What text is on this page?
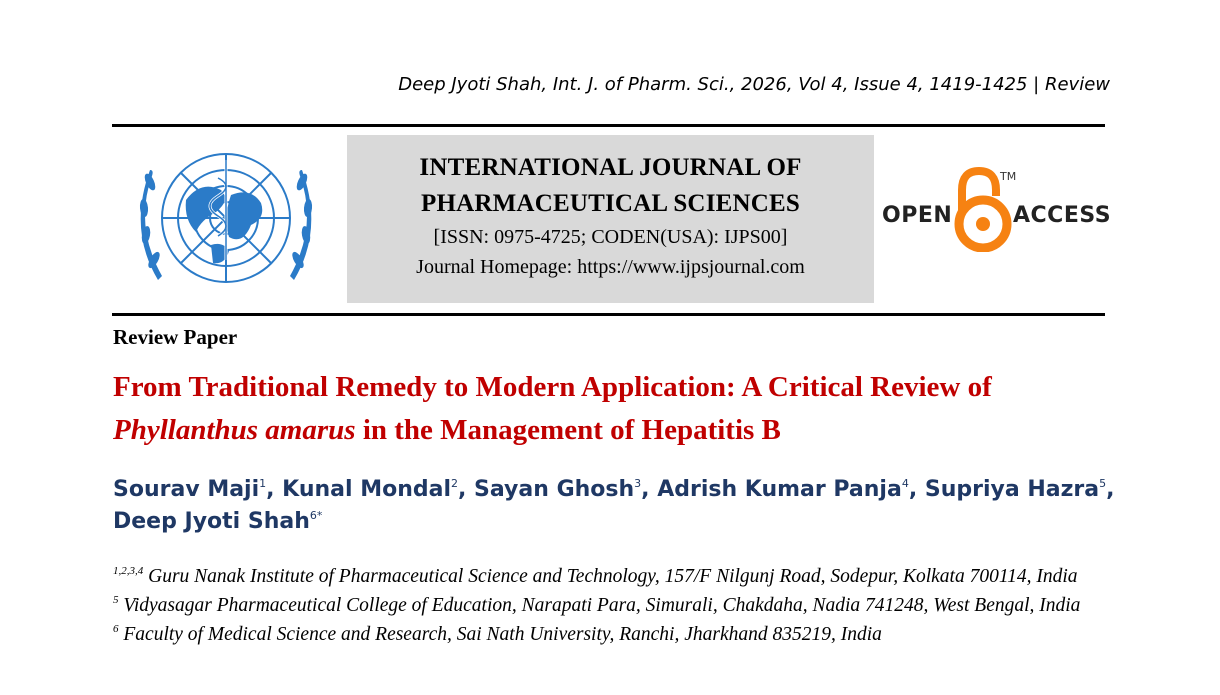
Deep Jyoti Shah, Int. J. of Pharm. Sci., 2026, Vol 4, Issue 4, 1419-1425 | Review
INTERNATIONAL JOURNAL OF
PHARMACEUTICAL SCIENCES
[ISSN: 0975-4725; CODEN(USA): IJPS00]
Journal Homepage: https://www.ijpsjournal.com
OPEN
TM
ACCESS
Review Paper
From Traditional Remedy to Modern Application: A Critical Review of
Phyllanthus amarus in the Management of Hepatitis B
Sourav Maji$^1$, Kunal Mondal$^2$, Sayan Ghosh$^3$, Adrish Kumar Panja$^4$, Supriya Hazra$^5$,
Deep Jyoti Shah$^{6*}$
$^{1,2,3,4}$ Guru Nanak Institute of Pharmaceutical Science and Technology, 157/F Nilgunj Road, Sodepur, Kolkata 700114, India
$^5$ Vidyasagar Pharmaceutical College of Education, Narapati Para, Simurali, Chakdaha, Nadia 741248, West Bengal, India
$^6$ Faculty of Medical Science and Research, Sai Nath University, Ranchi, Jharkhand 835219, India
